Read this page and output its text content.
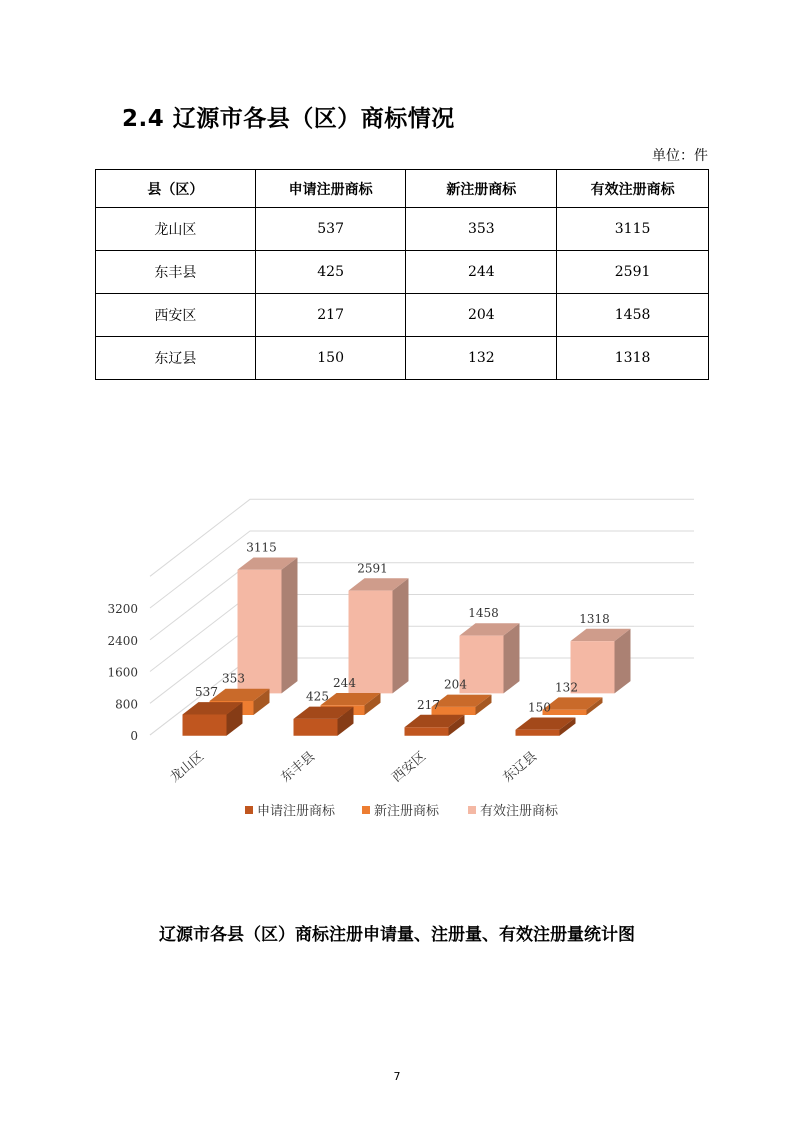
2.4 辽源市各县（区）商标情况
单位：件
县（区）	申请注册商标	新注册商标	有效注册商标
龙山区	537	353	3115
东丰县	425	244	2591
西安区	217	204	1458
东辽县	150	132	1318
0
800
1600
2400
3200
3115
2591
1458	1318
353	244	204	132
537	425
217	150
龙山区	东丰县	西安区	东辽县
申请注册商标	新注册商标	有效注册商标
辽源市各县（区）商标注册申请量、注册量、有效注册量统计图
7
